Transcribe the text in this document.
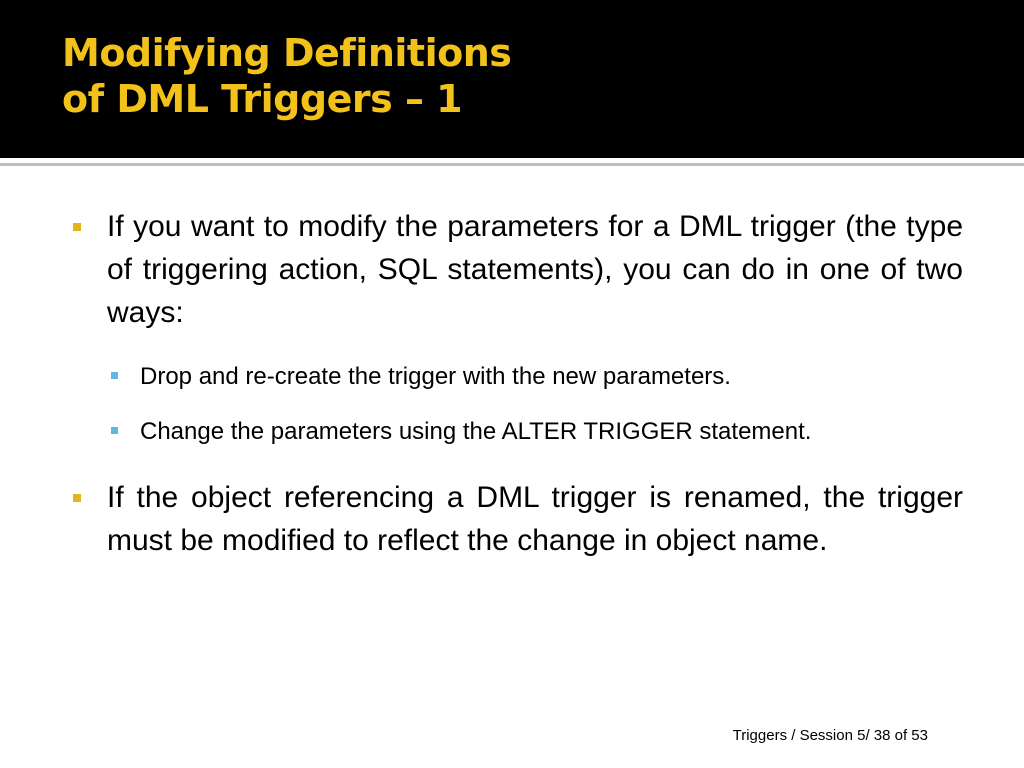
Modifying Definitions
of DML Triggers – 1
If you want to modify the parameters for a DML trigger (the type of triggering action, SQL statements), you can do in one of two ways:
Drop and re-create the trigger with the new parameters.
Change the parameters using the ALTER TRIGGER statement.
If the object referencing a DML trigger is renamed, the trigger must be modified to reflect the change in object name.
Triggers / Session 5/ 38 of 53
